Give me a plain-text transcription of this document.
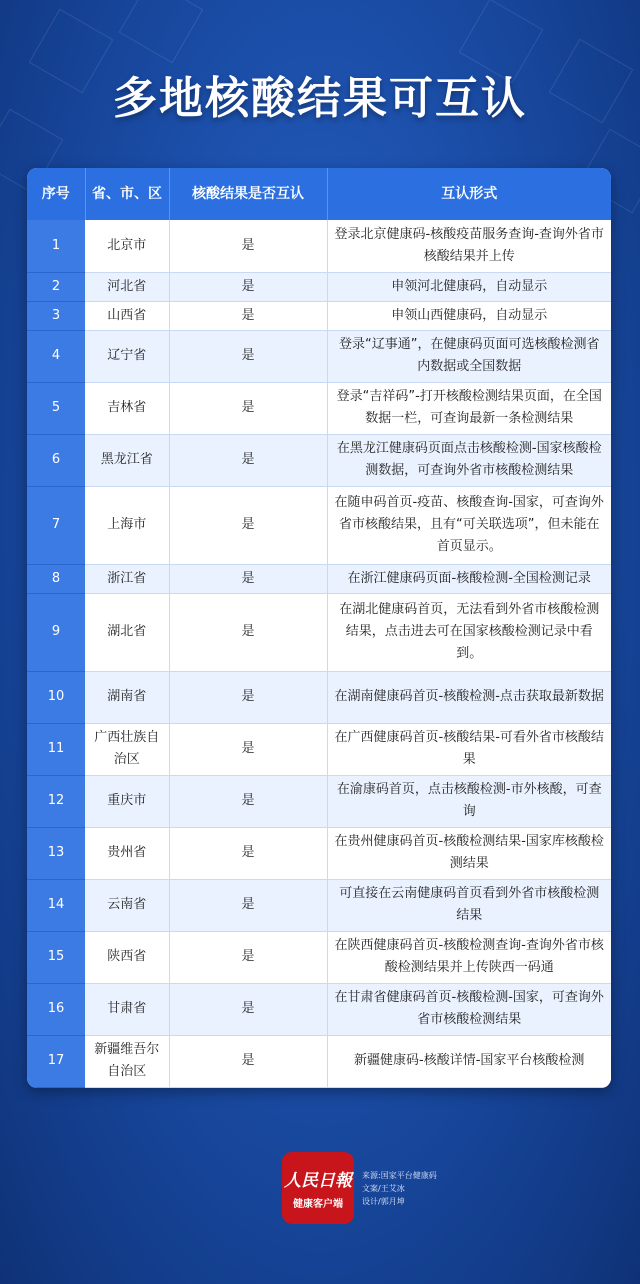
多地核酸结果可互认
序号	省、市、区	核酸结果是否互认	互认形式
1	北京市	是	登录北京健康码-核酸疫苗服务查询-查询外省市核酸结果并上传
2	河北省	是	申领河北健康码，自动显示
3	山西省	是	申领山西健康码，自动显示
4	辽宁省	是	登录“辽事通”，在健康码页面可选核酸检测省内数据或全国数据
5	吉林省	是	登录“吉祥码”-打开核酸检测结果页面，在全国数据一栏，可查询最新一条检测结果
6	黑龙江省	是	在黑龙江健康码页面点击核酸检测-国家核酸检测数据，可查询外省市核酸检测结果
7	上海市	是	在随申码首页-疫苗、核酸查询-国家，可查询外省市核酸结果，且有“可关联选项”，但未能在首页显示。
8	浙江省	是	在浙江健康码页面-核酸检测-全国检测记录
9	湖北省	是	在湖北健康码首页，无法看到外省市核酸检测结果，点击进去可在国家核酸检测记录中看到。
10	湖南省	是	在湖南健康码首页-核酸检测-点击获取最新数据
11	广西壮族自治区	是	在广西健康码首页-核酸结果-可看外省市核酸结果
12	重庆市	是	在渝康码首页，点击核酸检测-市外核酸，可查询
13	贵州省	是	在贵州健康码首页-核酸检测结果-国家库核酸检测结果
14	云南省	是	可直接在云南健康码首页看到外省市核酸检测结果
15	陕西省	是	在陕西健康码首页-核酸检测查询-查询外省市核酸检测结果并上传陕西一码通
16	甘肃省	是	在甘肃省健康码首页-核酸检测-国家，可查询外省市核酸检测结果
17	新疆维吾尔自治区	是	新疆健康码-核酸详情-国家平台核酸检测
人民日報
健康客户端
来源:国家平台健康码
文案/王艾冰
设计/郭月坤
